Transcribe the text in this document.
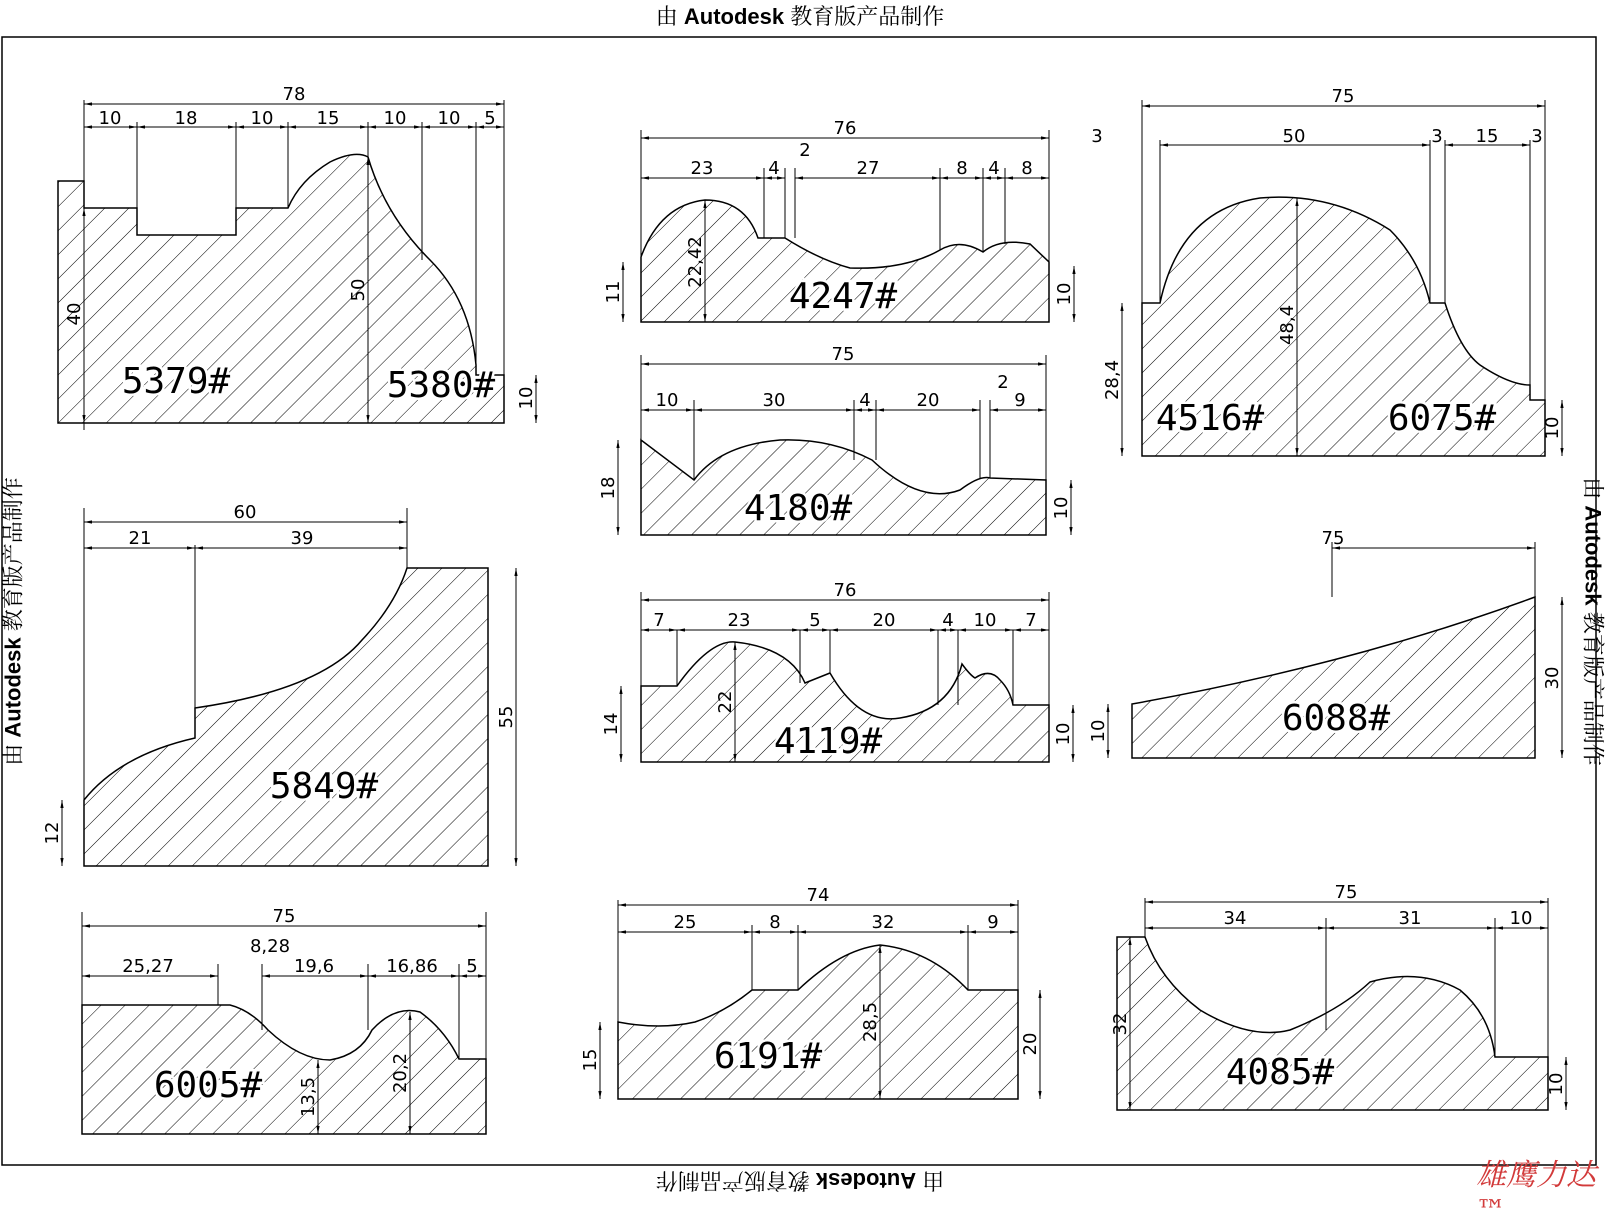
78
10	18	10 15 10 10 5
40
50
10
76
23	4
2
27	8 4 8
22,42
11	10
75
10	30	4	20
2
9
18
10
76
7	23	5	20	4 10 7
22
14	10
75
3	50	3 15 3
48,4
28,4
10
75
30
10
60
21	39
55
12
75
25,27
8,28
19,6	16,86 5
13,5
20,2
74
25	8	32	9
28,5
15
20
75
34	31	10
32
10
5379#	5380#
4247#
4180#
4119#
4516#	6075#
6088#
5849#
6005#
6191#	4085#
由 Autodesk 教育版产品制作
由 Autodesk 教育版产品制作
由 Autodesk 教育版产品制作	由 Autodesk 教育版产品制作
雄鹰力达™
